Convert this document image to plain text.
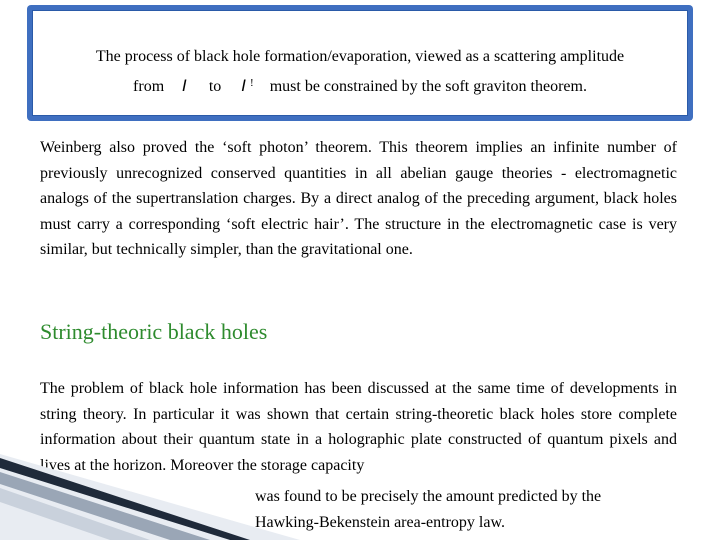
The process of black hole formation/evaporation, viewed as a scattering amplitude
from I to I ! must be constrained by the soft graviton theorem.

Weinberg also proved the ‘soft photon’ theorem. This theorem implies an infinite number of previously unrecognized conserved quantities in all abelian gauge theories - electromagnetic analogs of the supertranslation charges. By a direct analog of the preceding argument, black holes must carry a corresponding ‘soft electric hair’. The structure in the electromagnetic case is very similar, but technically simpler, than the gravitational one.

String-theoric black holes

The problem of black hole information has been discussed at the same time of developments in string theory. In particular it was shown that certain string-theoretic black holes store complete information about their quantum state in a holographic plate constructed of quantum pixels and lives at the horizon. Moreover the storage capacity

was found to be precisely the amount predicted by the
Hawking-Bekenstein area-entropy law.
